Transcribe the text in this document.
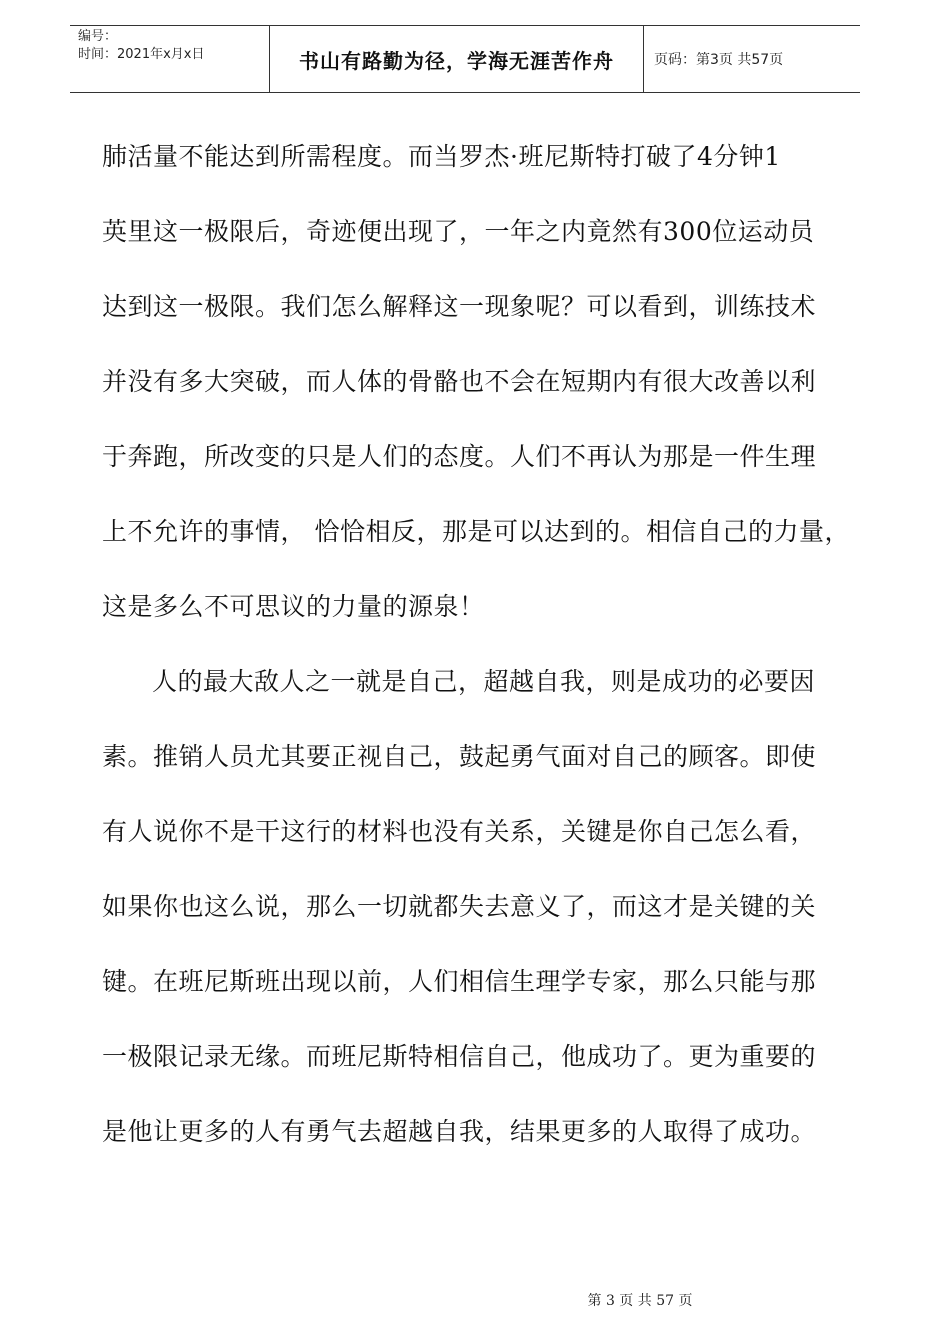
编号：
时间：2021年x月x日	书山有路勤为径，学海无涯苦作舟	页码：第3页 共57页
肺活量不能达到所需程度。而当罗杰·班尼斯特打破了4分钟1
英里这一极限后，奇迹便出现了，一年之内竟然有300位运动员
达到这一极限。我们怎么解释这一现象呢？可以看到，训练技术
并没有多大突破，而人体的骨骼也不会在短期内有很大改善以利
于奔跑，所改变的只是人们的态度。人们不再认为那是一件生理
上不允许的事情， 恰恰相反，那是可以达到的。相信自己的力量，
这是多么不可思议的力量的源泉！
人的最大敌人之一就是自己，超越自我，则是成功的必要因
素。推销人员尤其要正视自己，鼓起勇气面对自己的顾客。即使
有人说你不是干这行的材料也没有关系，关键是你自己怎么看，
如果你也这么说，那么一切就都失去意义了，而这才是关键的关
键。在班尼斯班出现以前，人们相信生理学专家，那么只能与那
一极限记录无缘。而班尼斯特相信自己，他成功了。更为重要的
是他让更多的人有勇气去超越自我，结果更多的人取得了成功。
第 3 页 共 57 页
